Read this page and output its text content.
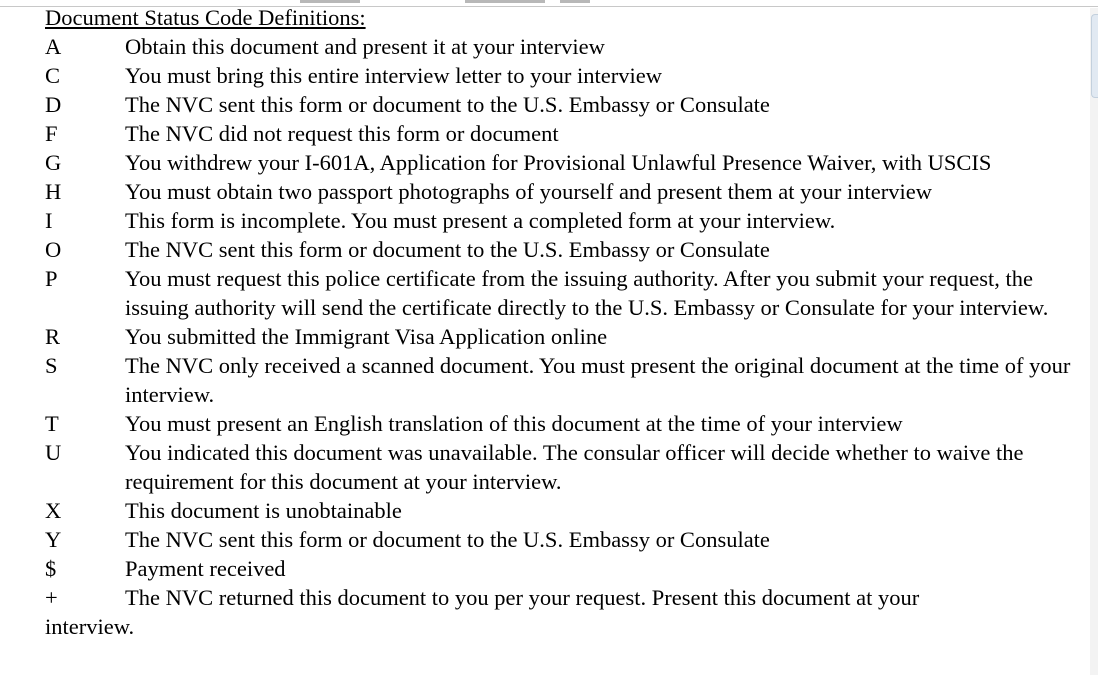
Document Status Code Definitions:
A	Obtain this document and present it at your interview
C	You must bring this entire interview letter to your interview
D	The NVC sent this form or document to the U.S. Embassy or Consulate
F	The NVC did not request this form or document
G	You withdrew your I-601A, Application for Provisional Unlawful Presence Waiver, with USCIS
H	You must obtain two passport photographs of yourself and present them at your interview
I	This form is incomplete. You must present a completed form at your interview.
O	The NVC sent this form or document to the U.S. Embassy or Consulate
P	You must request this police certificate from the issuing authority. After you submit your request, the issuing authority will send the certificate directly to the U.S. Embassy or Consulate for your interview.
R	You submitted the Immigrant Visa Application online
S	The NVC only received a scanned document. You must present the original document at the time of your interview.
T	You must present an English translation of this document at the time of your interview
U	You indicated this document was unavailable. The consular officer will decide whether to waive the requirement for this document at your interview.
X	This document is unobtainable
Y	The NVC sent this form or document to the U.S. Embassy or Consulate
$	Payment received
+	The NVC returned this document to you per your request. Present this document at your
interview.
